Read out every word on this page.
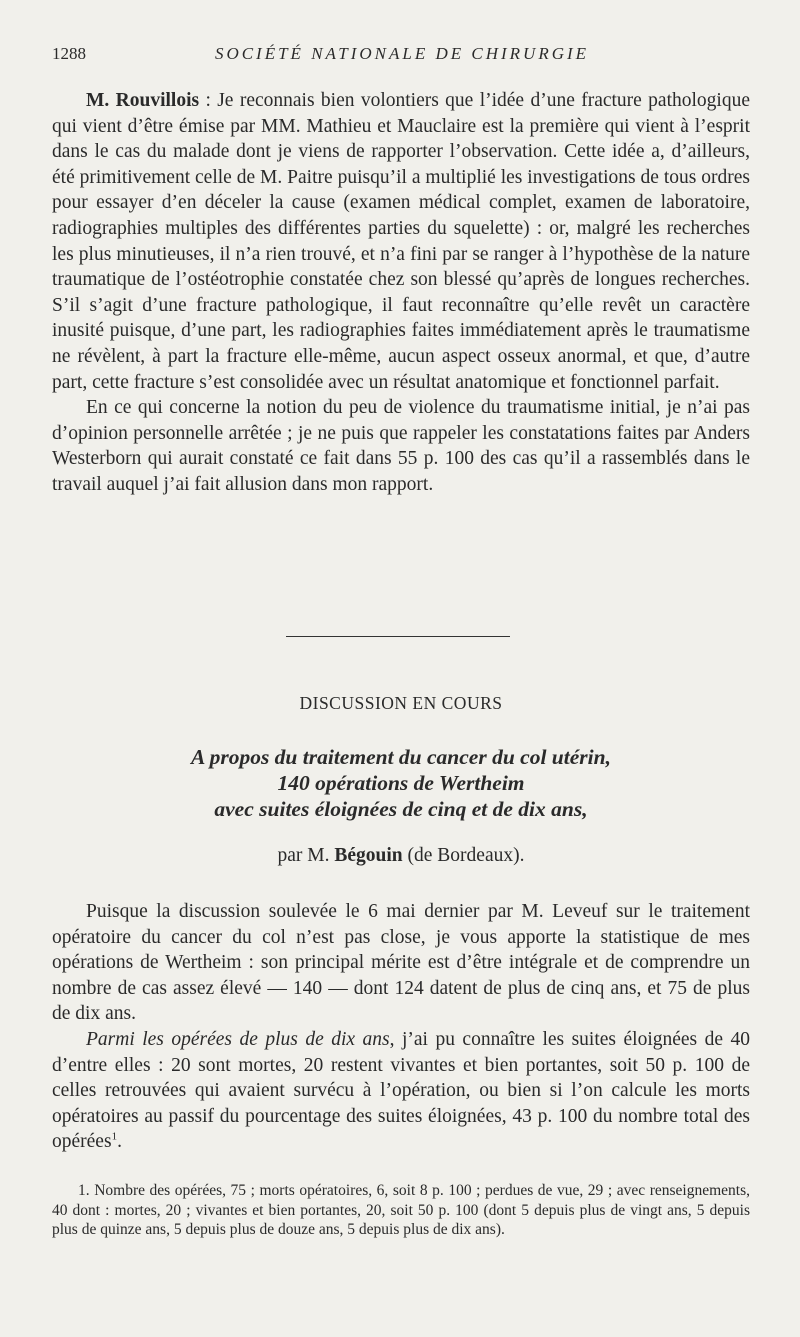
1288	SOCIÉTÉ NATIONALE DE CHIRURGIE

M. Rouvillois : Je reconnais bien volontiers que l’idée d’une fracture pathologique qui vient d’être émise par MM. Mathieu et Mauclaire est la première qui vient à l’esprit dans le cas du malade dont je viens de rapporter l’observation. Cette idée a, d’ailleurs, été primitivement celle de M. Paitre puisqu’il a multiplié les investigations de tous ordres pour essayer d’en déceler la cause (examen médical complet, examen de laboratoire, radiographies multiples des différentes parties du squelette) : or, malgré les recherches les plus minutieuses, il n’a rien trouvé, et n’a fini par se ranger à l’hypothèse de la nature traumatique de l’ostéotrophie constatée chez son blessé qu’après de longues recherches. S’il s’agit d’une fracture pathologique, il faut reconnaître qu’elle revêt un caractère inusité puisque, d’une part, les radiographies faites immédiatement après le traumatisme ne révèlent, à part la fracture elle-même, aucun aspect osseux anormal, et que, d’autre part, cette fracture s’est consolidée avec un résultat anatomique et fonctionnel parfait.

En ce qui concerne la notion du peu de violence du traumatisme initial, je n’ai pas d’opinion personnelle arrêtée ; je ne puis que rappeler les constatations faites par Anders Westerborn qui aurait constaté ce fait dans 55 p. 100 des cas qu’il a rassemblés dans le travail auquel j’ai fait allusion dans mon rapport.

DISCUSSION EN COURS
A propos du traitement du cancer du col utérin,
140 opérations de Wertheim
avec suites éloignées de cinq et de dix ans,
par M. Bégouin (de Bordeaux).

Puisque la discussion soulevée le 6 mai dernier par M. Leveuf sur le traitement opératoire du cancer du col n’est pas close, je vous apporte la statistique de mes opérations de Wertheim : son principal mérite est d’être intégrale et de comprendre un nombre de cas assez élevé — 140 — dont 124 datent de plus de cinq ans, et 75 de plus de dix ans.

Parmi les opérées de plus de dix ans, j’ai pu connaître les suites éloignées de 40 d’entre elles : 20 sont mortes, 20 restent vivantes et bien portantes, soit 50 p. 100 de celles retrouvées qui avaient survécu à l’opération, ou bien si l’on calcule les morts opératoires au passif du pourcentage des suites éloignées, 43 p. 100 du nombre total des opérées$^1$.

1. Nombre des opérées, 75 ; morts opératoires, 6, soit 8 p. 100 ; perdues de vue, 29 ; avec renseignements, 40 dont : mortes, 20 ; vivantes et bien portantes, 20, soit 50 p. 100 (dont 5 depuis plus de vingt ans, 5 depuis plus de quinze ans, 5 depuis plus de douze ans, 5 depuis plus de dix ans).
